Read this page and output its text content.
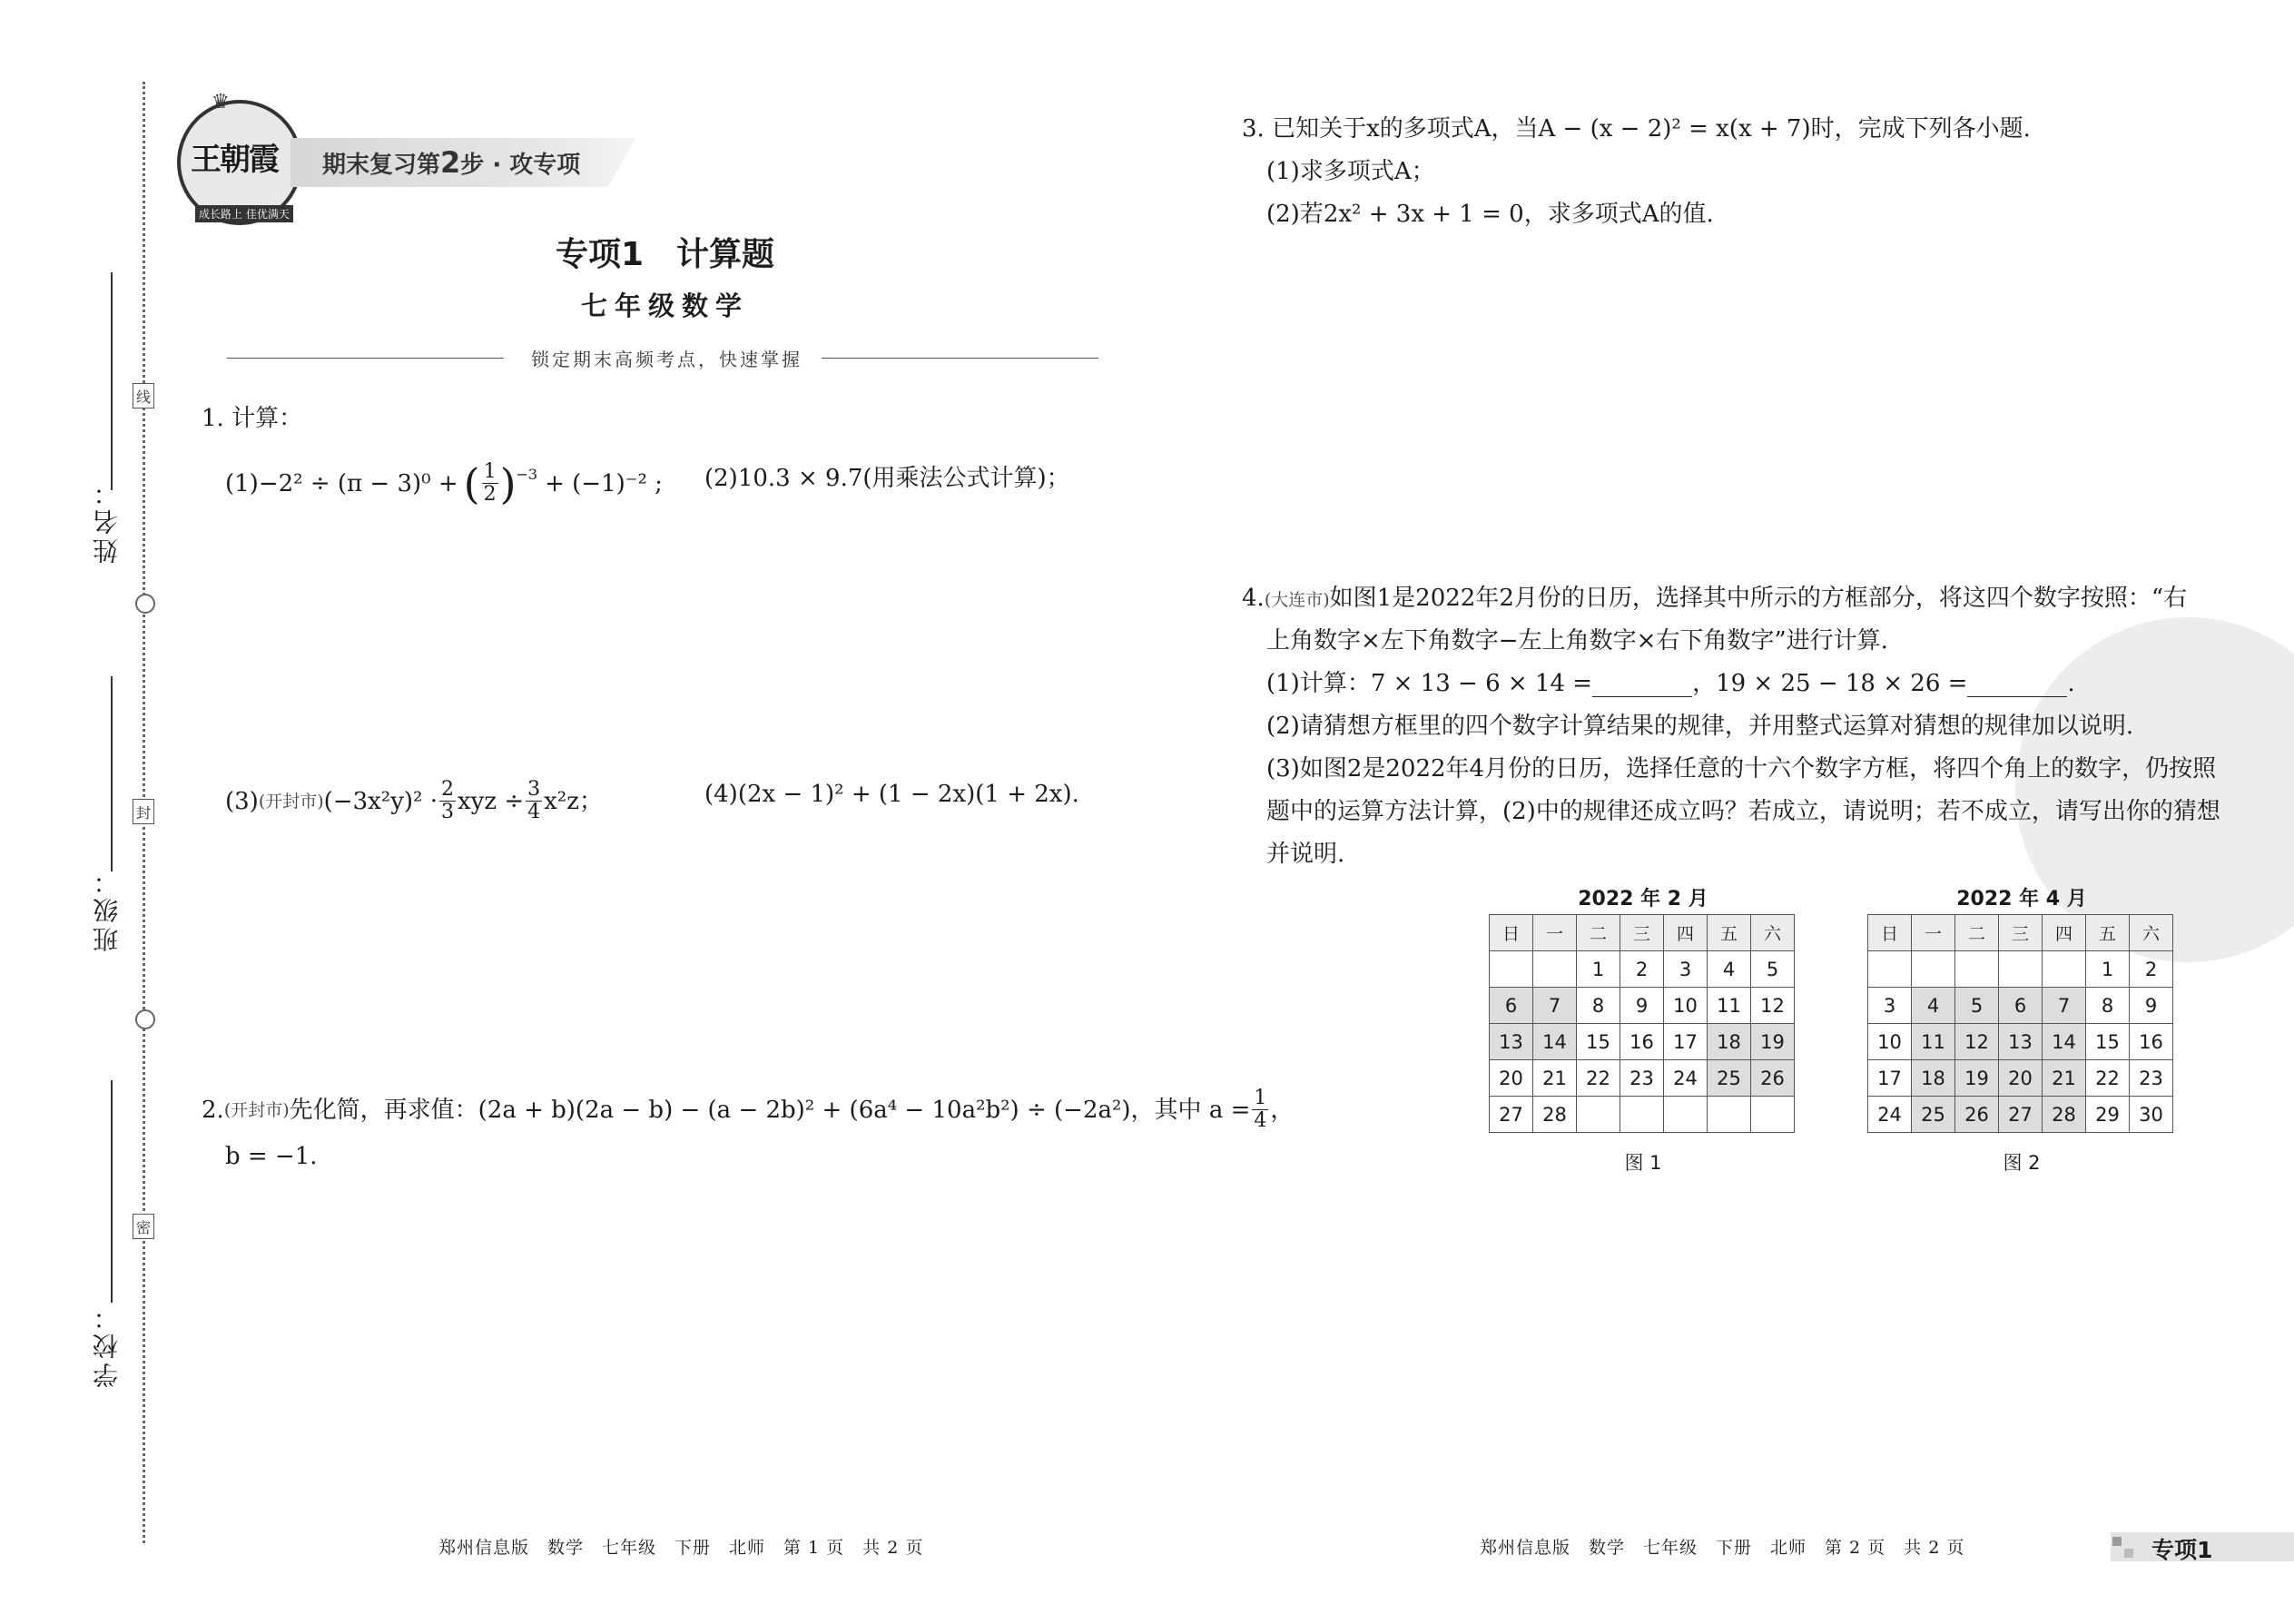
线
封
密
姓名：
班级：
学校：
王朝霞
成长路上 佳优满天
♛
期末复习第2步 · 攻专项
专项1　计算题
七年级数学
锁定期末高频考点，快速掌握
1. 计算：
(1)−2² ÷ (π − 3)⁰ + ( $\frac{1}{2} )^{-3} + (-1)^{-2}$ ; (2)10.3 × 9.7(用乘法公式计算)；
(3) (开封市) $(-3x^2y)^2 \cdot \frac{2}{3}$ xyz ÷ $\frac{3}{4} x^2z$；	(4)(2x − 1)² + (1 − 2x)(1 + 2x).
2. (开封市) 先化简，再求值：(2a + b)(2a − b) − (a − 2b)² + (6a⁴ − 10a²b²) ÷ (−2a²)，其中 $a = \frac{1}{4}$ ，
b = −1.
3. 已知关于x的多项式A，当A − (x − 2)² = x(x + 7)时，完成下列各小题.
(1)求多项式A；
(2)若2x² + 3x + 1 = 0，求多项式A的值.
4.(大连市)如图1是2022年2月份的日历，选择其中所示的方框部分，将这四个数字按照：“右
上角数字×左下角数字−左上角数字×右下角数字”进行计算.
(1)计算：7 × 13 − 6 × 14 =	，19 × 25 − 18 × 26 =	.
(2)请猜想方框里的四个数字计算结果的规律，并用整式运算对猜想的规律加以说明.
(3)如图2是2022年4月份的日历，选择任意的十六个数字方框，将四个角上的数字，仍按照
题中的运算方法计算，(2)中的规律还成立吗？若成立，请说明；若不成立，请写出你的猜想
并说明.
2022 年 2 月
日	一	二	三	四	五	六
		1	2	3	4	5
6	7	8	9	10	11	12
13	14	15	16	17	18	19
20	21	22	23	24	25	26
27	28					
图 1
2022 年 4 月
日	一	二	三	四	五	六
					1	2
3	4	5	6	7	8	9
10	11	12	13	14	15	16
17	18	19	20	21	22	23
24	25	26	27	28	29	30
图 2
郑州信息版　数学　七年级　下册　北师　第 1 页　共 2 页	郑州信息版　数学　七年级　下册　北师　第 2 页　共 2 页	专项1
